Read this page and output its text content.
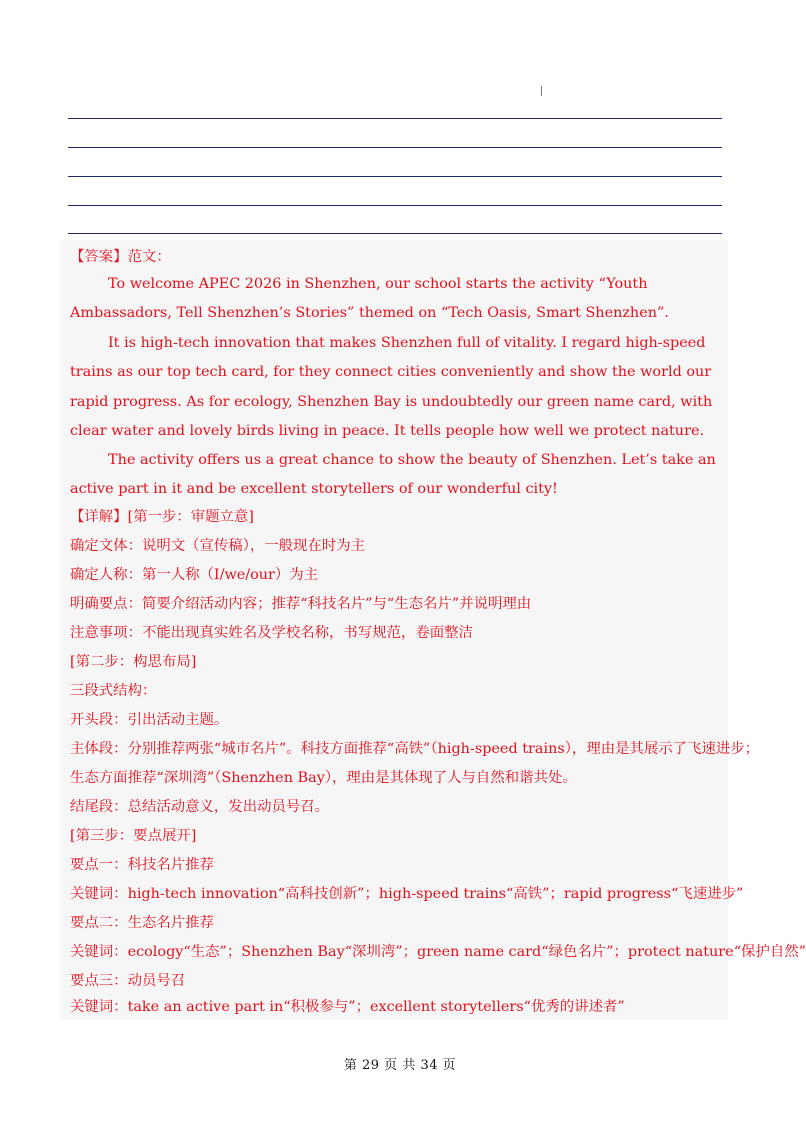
【答案】范文：
To welcome APEC 2026 in Shenzhen, our school starts the activity “Youth Ambassadors, Tell Shenzhen’s Stories” themed on “Tech Oasis, Smart Shenzhen”.
It is high-tech innovation that makes Shenzhen full of vitality. I regard high-speed trains as our top tech card, for they connect cities conveniently and show the world our rapid progress. As for ecology, Shenzhen Bay is undoubtedly our green name card, with clear water and lovely birds living in peace. It tells people how well we protect nature.
The activity offers us a great chance to show the beauty of Shenzhen. Let’s take an active part in it and be excellent storytellers of our wonderful city!
【详解】[第一步：审题立意]
确定文体：说明文（宣传稿），一般现在时为主
确定人称：第一人称（I/we/our）为主
明确要点：简要介绍活动内容；推荐“科技名片”与“生态名片”并说明理由
注意事项：不能出现真实姓名及学校名称，书写规范，卷面整洁
[第二步：构思布局]
三段式结构：
开头段：引出活动主题。
主体段：分别推荐两张“城市名片”。科技方面推荐“高铁”（high-speed trains），理由是其展示了飞速进步；
生态方面推荐“深圳湾”（Shenzhen Bay），理由是其体现了人与自然和谐共处。
结尾段：总结活动意义，发出动员号召。
[第三步：要点展开]
要点一：科技名片推荐
关键词：high-tech innovation“高科技创新”；high-speed trains“高铁”；rapid progress“飞速进步”
要点二：生态名片推荐
关键词：ecology“生态”；Shenzhen Bay“深圳湾”；green name card“绿色名片”；protect nature“保护自然”
要点三：动员号召
关键词：take an active part in“积极参与”；excellent storytellers“优秀的讲述者”
第 29 页 共 34 页
